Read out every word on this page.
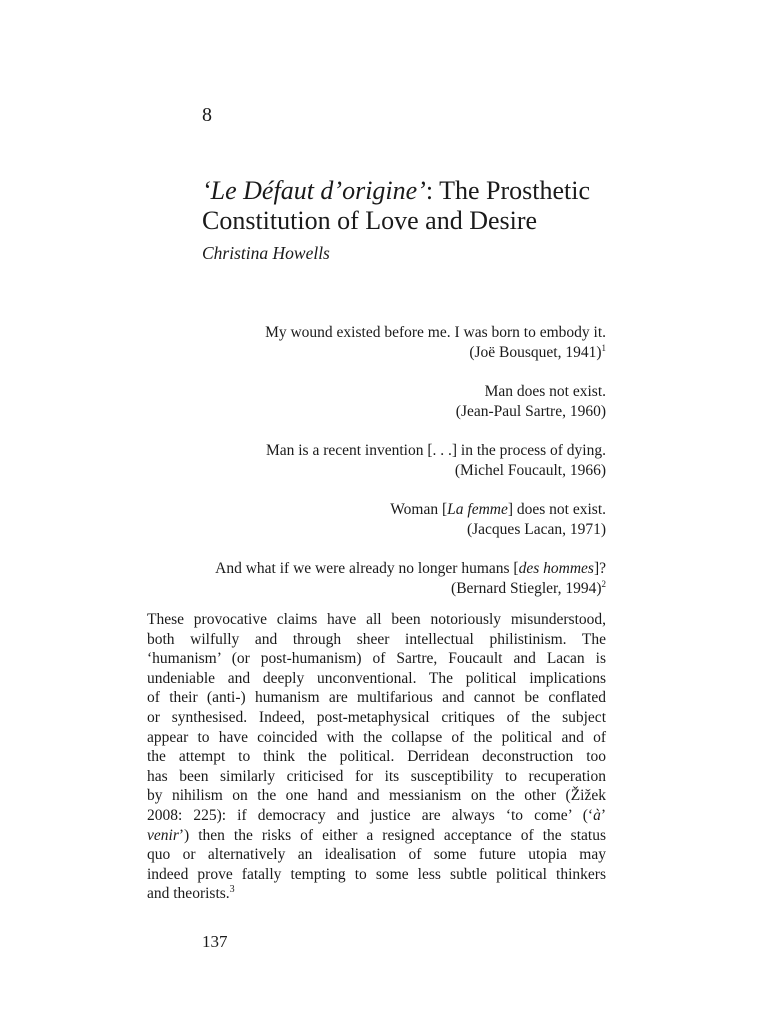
8
‘Le Défaut d’origine’: The Prosthetic
Constitution of Love and Desire
Christina Howells
My wound existed before me. I was born to embody it.
(Joë Bousquet, 1941)$^1$
Man does not exist.
(Jean-Paul Sartre, 1960)
Man is a recent invention [. . .] in the process of dying.
(Michel Foucault, 1966)
Woman [La femme] does not exist.
(Jacques Lacan, 1971)
And what if we were already no longer humans [des hommes]?
(Bernard Stiegler, 1994)$^2$
These provocative claims have all been notoriously misunderstood,
both wilfully and through sheer intellectual philistinism. The
‘humanism’ (or post-humanism) of Sartre, Foucault and Lacan is
undeniable and deeply unconventional. The political implications
of their (anti-) humanism are multifarious and cannot be conflated
or synthesised. Indeed, post-metaphysical critiques of the subject
appear to have coincided with the collapse of the political and of
the attempt to think the political. Derridean deconstruction too
has been similarly criticised for its susceptibility to recuperation
by nihilism on the one hand and messianism on the other (Žižek
2008: 225): if democracy and justice are always ‘to come’ (‘à’
venir’) then the risks of either a resigned acceptance of the status
quo or alternatively an idealisation of some future utopia may
indeed prove fatally tempting to some less subtle political thinkers
and theorists.$^3$
137
